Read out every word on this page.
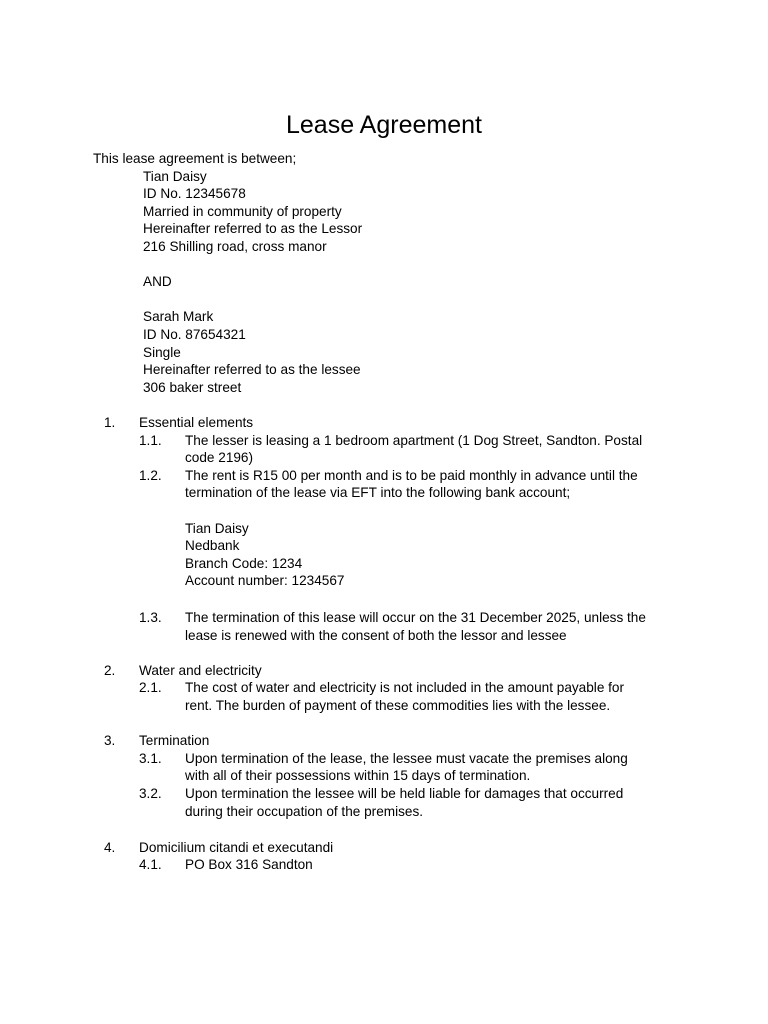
Lease Agreement

This lease agreement is between;

Tian Daisy

ID No. 12345678

Married in community of property

Hereinafter referred to as the Lessor

216 Shilling road, cross manor

AND

Sarah Mark

ID No. 87654321

Single

Hereinafter referred to as the lessee

306 baker street

1. Essential elements

1.1. The lesser is leasing a 1 bedroom apartment (1 Dog Street, Sandton. Postal

code 2196)

1.2. The rent is R15 00 per month and is to be paid monthly in advance until the

termination of the lease via EFT into the following bank account;

Tian Daisy

Nedbank

Branch Code: 1234

Account number: 1234567

1.3. The termination of this lease will occur on the 31 December 2025, unless the

lease is renewed with the consent of both the lessor and lessee

2. Water and electricity

2.1. The cost of water and electricity is not included in the amount payable for

rent. The burden of payment of these commodities lies with the lessee.

3. Termination

3.1. Upon termination of the lease, the lessee must vacate the premises along

with all of their possessions within 15 days of termination.

3.2. Upon termination the lessee will be held liable for damages that occurred

during their occupation of the premises.

4. Domicilium citandi et executandi

4.1. PO Box 316 Sandton
